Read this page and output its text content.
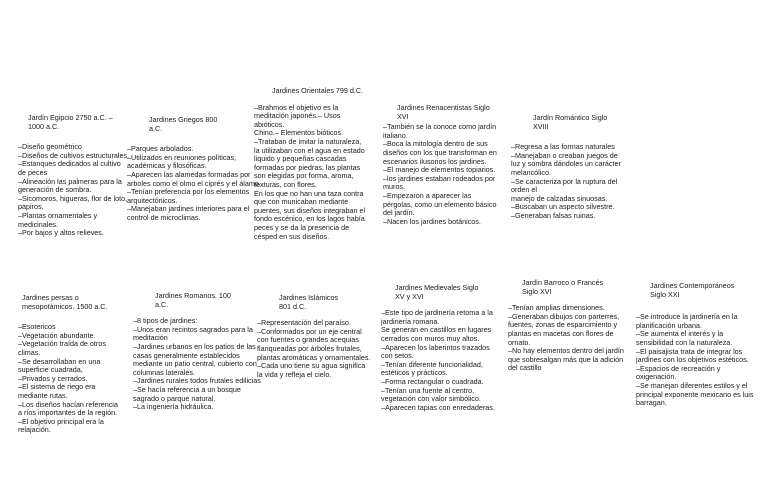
Jardín Egipcio 2750 a.C. – 1000 a.C.
–Diseño geométrico
–Diseños de cultivos estructurales.
–Estanques dedicados al cultivo de peces
–Alineación las palmeras para la generación de sombra.
–Sicomoros, higueras, flor de loto, papiros.
–Plantas ornamentales y medicinales.
–Por bajos y altos relieves.
Jardines Griegos 800 a.C.
–Parques arbolados.
–Utilizados en reuniones políticas, académicas y filosóficas.
–Aparecen las alamedas formadas por arboles como el olmo el ciprés y el álamo.
–Tenían preferencia por los elementos arquitectónicos.
–Manejaban jardines interiores para el control de microclimas.
Jardines Orientales 799 d.C.
–Brahmos el objetivo es la meditación japonés.– Usos abióticos.
Chino.– Elementos bióticos.
–Trataban de imitar la naturaleza, la utilizaban con el agua en estado liquido y pequeñas cascadas formadas por piedras, las plantas son elegidas por forma, aroma, texturas, con flores.
En los que no han una taza contra que con municaban mediante puentes, sus diseños integraban el fondo escénico, en los lagos había peces y se da la presencia de césped en sus diseños.
Jardines Renacentistas Siglo XVI
–También se la conoce como jardín italiano.
–Boca la mitología dentro de sus diseños con los que transforman en escenarios ilusorios los jardines.
–El manejo de elementos topiarios.
–los jardines estaban rodeados por muros.
–Empezaron a aparecer las pérgolas, como un elemento básico del jardín.
–Nacen los jardines botánicos.
Jardín Romántico Siglo XVIII
–Regresa a las formas naturales
–Manejaban o creaban juegos de luz y sombra dándoles un carácter melancólico.
–Se caracteriza por la ruptura del orden el
manejo de calzadas sinuosas.
–Buscaban un aspecto silvestre.
–Generaban falsas ruinas.
Jardines persas o mesopotámicos. 1500 a.C.
–Esotericos
–Vegetación abundante.
–Vegetación traída de otros climas.
–Se desarrollaban en una superficie cuadrada,
–Privados y cerrados.
–El sistema de riego era mediante rutas.
–Los diseños hacían referencia a ríos importantes de la región.
–El objetivo principal era la relajación.
Jardines Romanos. 100 a.C.
–8 tipos de jardines:
–Unos eran recintos sagrados para la meditación
–Jardines urbanos en los patios de las casas generalmente establecidos mediante un patio central, cubierto con columnas laterales.
–Jardines rurales todos frutales edilicias
–Se hacía referencia a un bosque sagrado o parque natural.
–La ingeniería hidráulica.
Jardines Islámicos 801 d.C.
–Representación del paraíso.
–Conformados por un eje central con fuentes o grandes acequias flanqueadas por árboles frutales, plantas aromáticas y ornamentales.
–Cada uno tiene su agua significa la vida y refleja el cielo.
Jardines Medievales Siglo XV y XVI
–Este tipo de jardinería retoma a la jardinería romana.
Se generan en castillos en lugares cerrados con muros muy altos.
–Aparecen los laberintos trazados con setos.
–Tenían diferente funcionalidad, estéticos y prácticos.
–Forma rectangular o cuadrada.
–Tenían una fuente al centro, vegetación con valor simbólico.
–Aparecen tapias con enredaderas.
Jardín Barroco o Francés Siglo XVI
–Tenían amplias dimensiones.
–Generaban dibujos con parterres, fuentes, zonas de esparcimiento y plantas en macetas con flores de ornato.
–No hay elementos dentro del jardín que sobresalgan más que la adición del castillo
Jardines Contemporáneos Siglo XXI
–Se introduce la jardinería en la planificación urbana.
–Se aumenta el interés y la sensibilidad con la naturaleza.
–El paisajista trata de integrar los jardines con los objetivos estéticos.
–Espacios de recreación y oxigenación.
–Se manejan diferentes estilos y el principal exponente mexicano es luis barragan.
